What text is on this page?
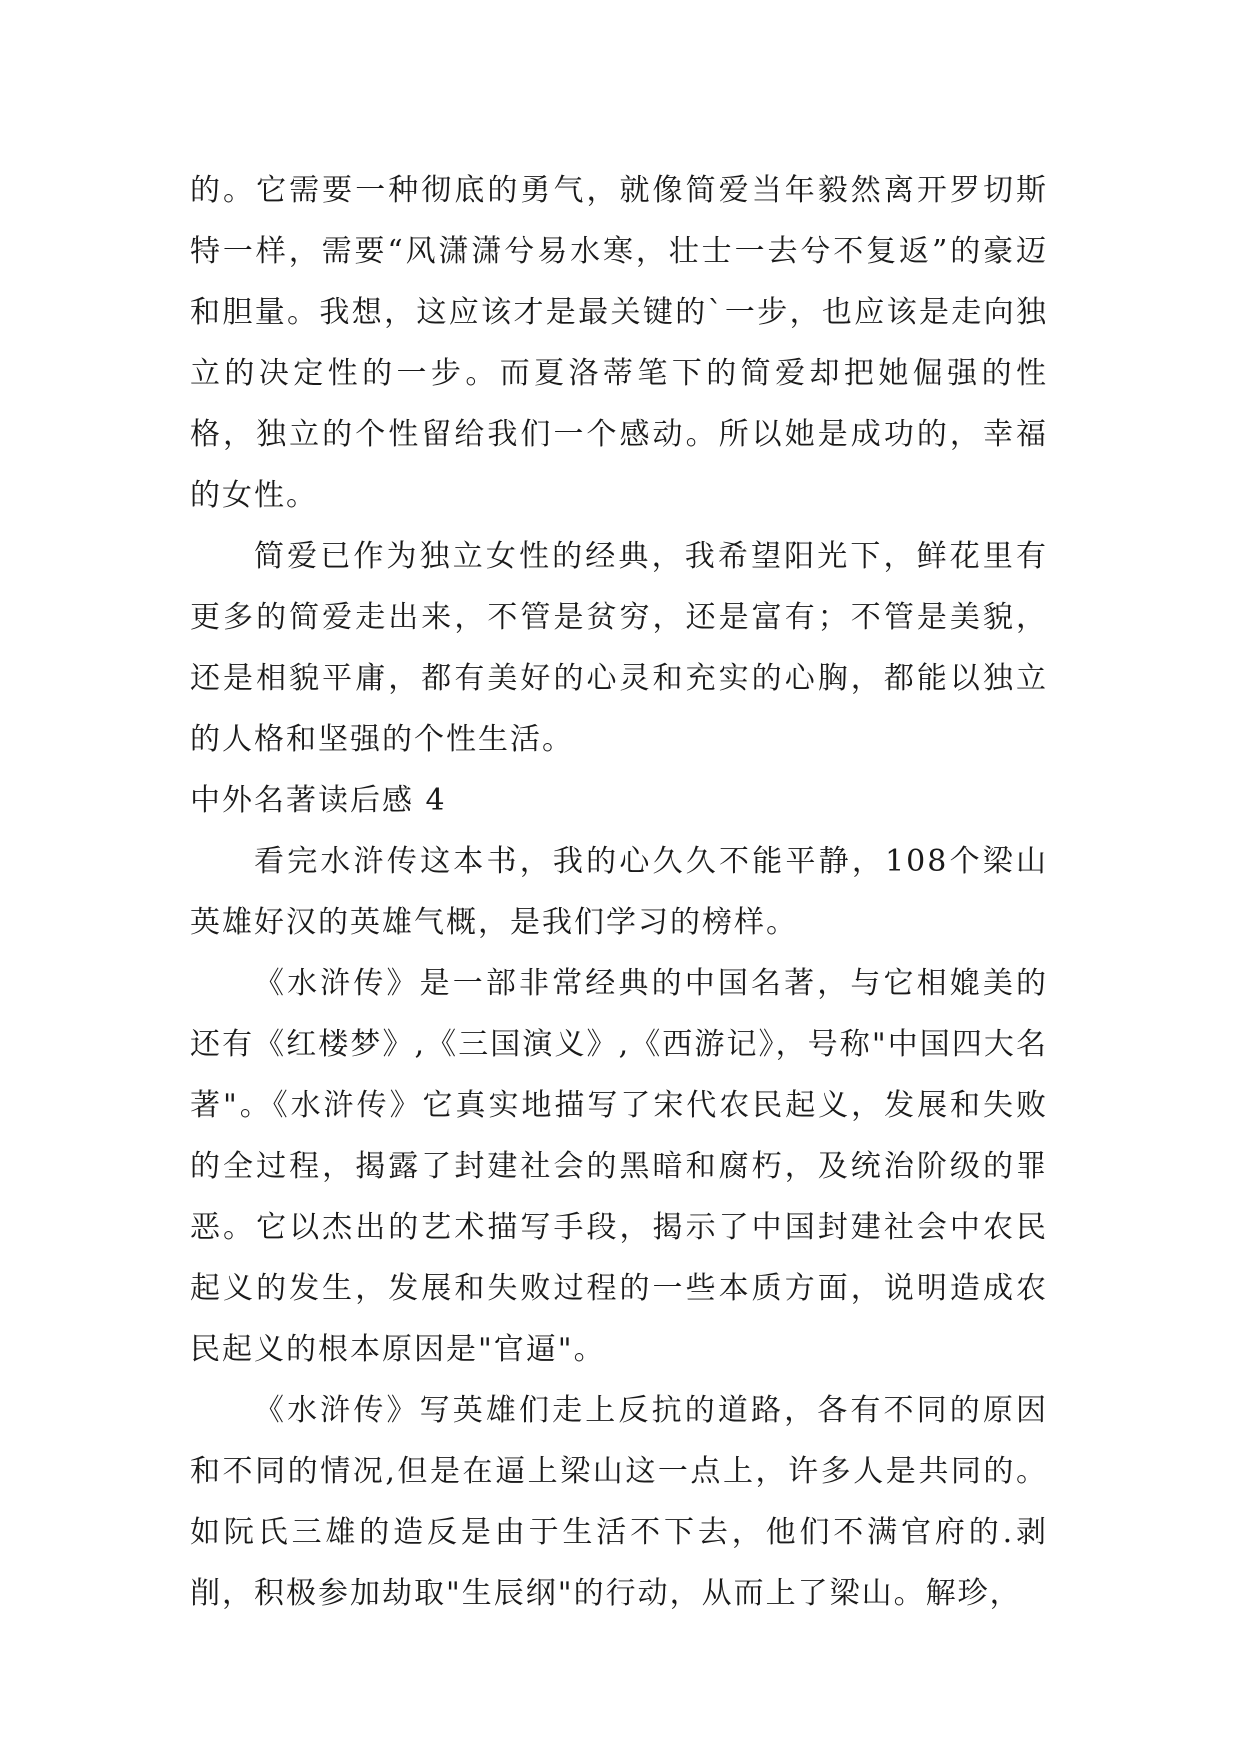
的。它需要一种彻底的勇气，就像简爱当年毅然离开罗切斯特一样，需要“风潇潇兮易水寒，壮士一去兮不复返”的豪迈和胆量。我想，这应该才是最关键的`一步，也应该是走向独立的决定性的一步。而夏洛蒂笔下的简爱却把她倔强的性格，独立的个性留给我们一个感动。所以她是成功的，幸福的女性。

简爱已作为独立女性的经典，我希望阳光下，鲜花里有更多的简爱走出来，不管是贫穷，还是富有；不管是美貌，还是相貌平庸，都有美好的心灵和充实的心胸，都能以独立的人格和坚强的个性生活。

中外名著读后感 4

看完水浒传这本书，我的心久久不能平静，108个梁山英雄好汉的英雄气概，是我们学习的榜样。

《水浒传》是一部非常经典的中国名著，与它相媲美的还有《红楼梦》,《三国演义》,《西游记》，号称"中国四大名著"。《水浒传》它真实地描写了宋代农民起义，发展和失败的全过程，揭露了封建社会的黑暗和腐朽，及统治阶级的罪恶。它以杰出的艺术描写手段，揭示了中国封建社会中农民起义的发生，发展和失败过程的一些本质方面，说明造成农民起义的根本原因是"官逼"。

《水浒传》写英雄们走上反抗的道路，各有不同的原因和不同的情况,但是在逼上梁山这一点上，许多人是共同的。如阮氏三雄的造反是由于生活不下去，他们不满官府的.剥削，积极参加劫取"生辰纲"的行动，从而上了梁山。解珍，
